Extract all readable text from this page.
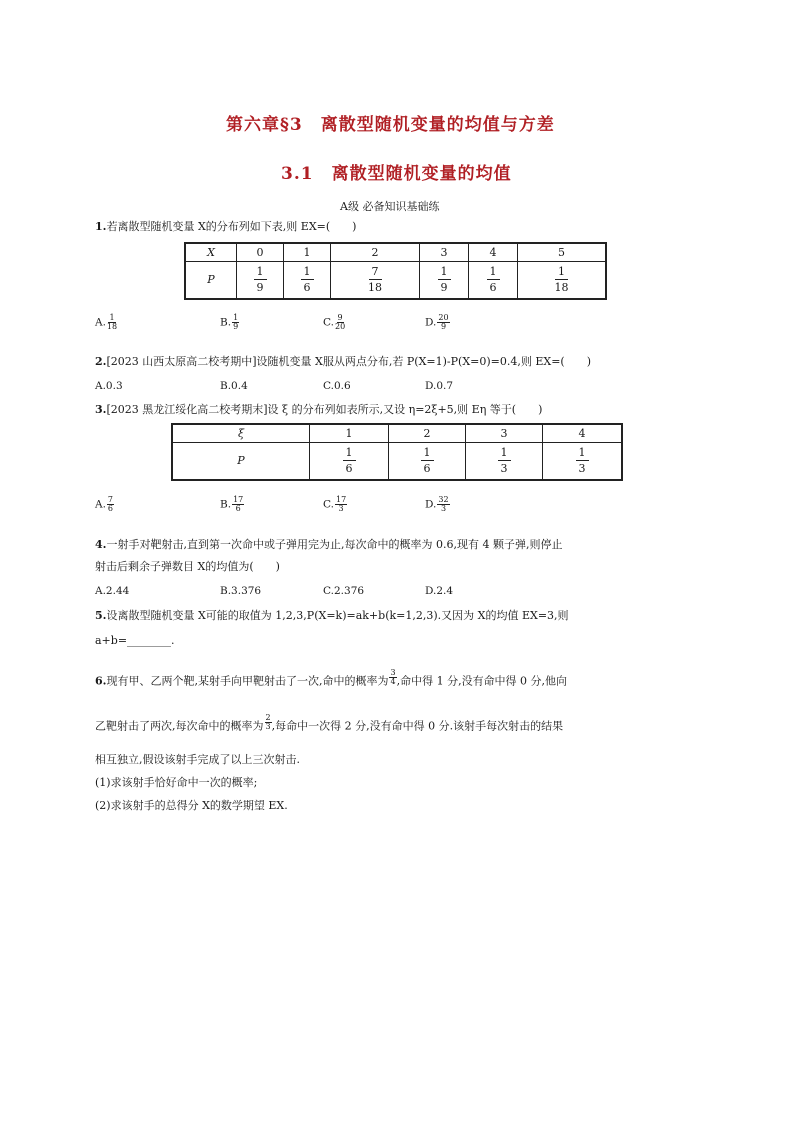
第六章§3　离散型随机变量的均值与方差
3.1　离散型随机变量的均值
A级 必备知识基础练
1.若离散型随机变量 X的分布列如下表,则 EX=(　　)
X	0	1	2	3	4	5
P	$\frac{1}{9}$	$\frac{1}{6}$	$\frac{7}{18}$	$\frac{1}{9}$	$\frac{1}{6}$	$\frac{1}{18}$
A. $\frac{1}{18}$	B. $\frac{1}{9}$	C. $\frac{9}{20}$	D. $\frac{20}{9}$
2.[2023 山西太原高二校考期中]设随机变量 X服从两点分布,若 P(X=1)-P(X=0)=0.4,则 EX=(　　)
A.0.3	B.0.4	C.0.6	D.0.7
3.[2023 黑龙江绥化高二校考期末]设 ξ 的分布列如表所示,又设 η=2ξ+5,则 Eη 等于(　　)
ξ	1	2	3	4
P	$\frac{1}{6}$	$\frac{1}{6}$	$\frac{1}{3}$	$\frac{1}{3}$
A. $\frac{7}{6}$	B. $\frac{17}{6}$	C. $\frac{17}{3}$	D. $\frac{32}{3}$
4.一射手对靶射击,直到第一次命中或子弹用完为止,每次命中的概率为 0.6,现有 4 颗子弹,则停止
射击后剩余子弹数目 X的均值为(　　)
A.2.44	B.3.376	C.2.376	D.2.4
5.设离散型随机变量 X可能的取值为 1,2,3,P(X=k)=ak+b(k=1,2,3).又因为 X的均值 EX=3,则
a+b=________.
6.现有甲、乙两个靶,某射手向甲靶射击了一次,命中的概率为 $\frac{3}{4}$ ,命中得 1 分,没有命中得 0 分,他向
乙靶射击了两次,每次命中的概率为 $\frac{2}{3}$ ,每命中一次得 2 分,没有命中得 0 分.该射手每次射击的结果
相互独立,假设该射手完成了以上三次射击.
(1)求该射手恰好命中一次的概率;
(2)求该射手的总得分 X的数学期望 EX.
